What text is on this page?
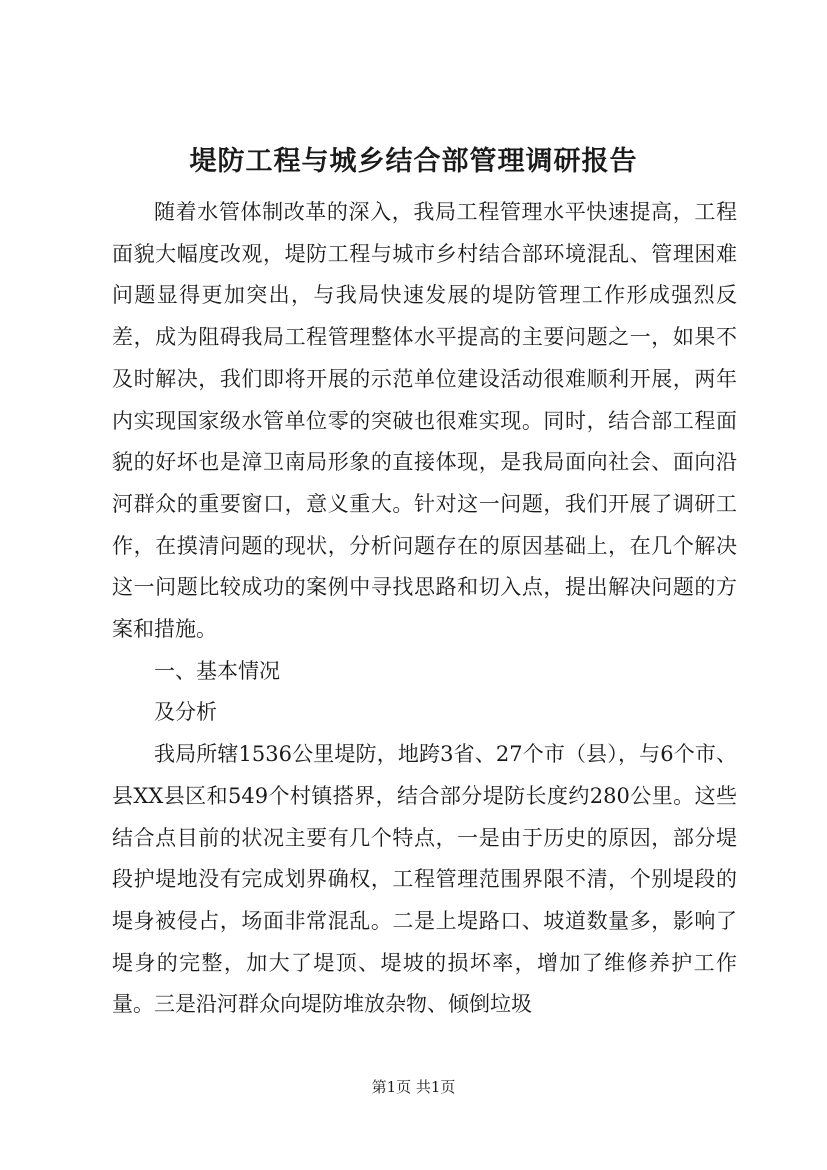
堤防工程与城乡结合部管理调研报告

随着水管体制改革的深入，我局工程管理水平快速提高，工程面貌大幅度改观，堤防工程与城市乡村结合部环境混乱、管理困难问题显得更加突出，与我局快速发展的堤防管理工作形成强烈反差，成为阻碍我局工程管理整体水平提高的主要问题之一，如果不及时解决，我们即将开展的示范单位建设活动很难顺利开展，两年内实现国家级水管单位零的突破也很难实现。同时，结合部工程面貌的好坏也是漳卫南局形象的直接体现，是我局面向社会、面向沿河群众的重要窗口，意义重大。针对这一问题，我们开展了调研工作，在摸清问题的现状，分析问题存在的原因基础上，在几个解决这一问题比较成功的案例中寻找思路和切入点，提出解决问题的方案和措施。

一、基本情况

及分析

我局所辖1536公里堤防，地跨3省、27个市（县），与6个市、县XX县区和549个村镇搭界，结合部分堤防长度约280公里。这些结合点目前的状况主要有几个特点，一是由于历史的原因，部分堤段护堤地没有完成划界确权，工程管理范围界限不清，个别堤段的堤身被侵占，场面非常混乱。二是上堤路口、坡道数量多，影响了堤身的完整，加大了堤顶、堤坡的损坏率，增加了维修养护工作量。三是沿河群众向堤防堆放杂物、倾倒垃圾

第1页 共1页
